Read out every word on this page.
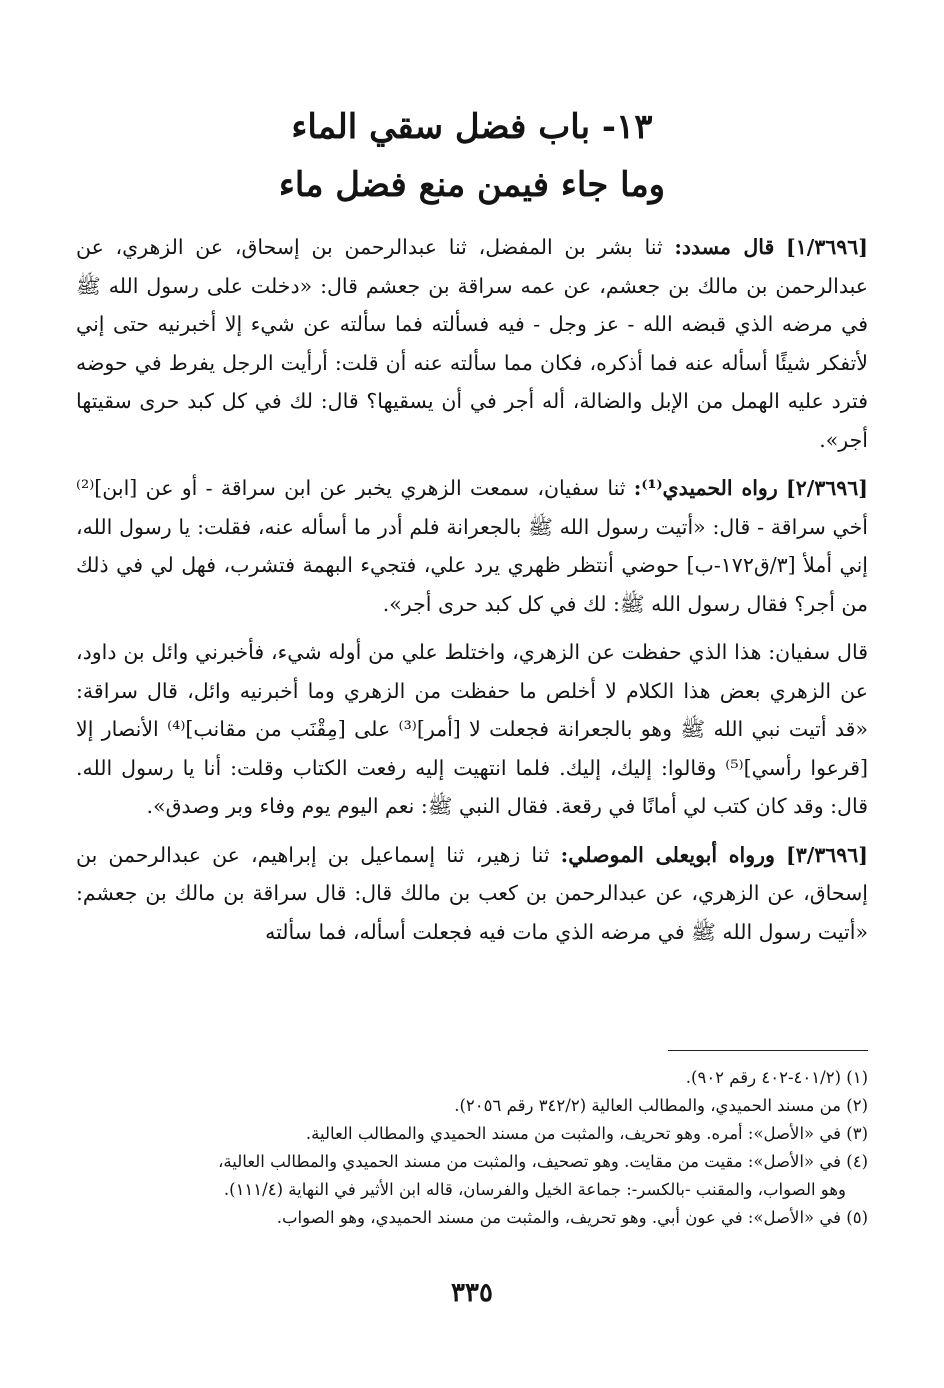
١٣- باب فضل سقي الماء
وما جاء فيمن منع فضل ماء

[١/٣٦٩٦] قال مسدد: ثنا بشر بن المفضل، ثنا عبدالرحمن بن إسحاق، عن الزهري، عن عبدالرحمن بن مالك بن جعشم، عن عمه سراقة بن جعشم قال: «دخلت على رسول الله ﷺ في مرضه الذي قبضه الله - عز وجل - فيه فسألته فما سألته عن شيء إلا أخبرنيه حتى إني لأتفكر شيئًا أسأله عنه فما أذكره، فكان مما سألته عنه أن قلت: أرأيت الرجل يفرط في حوضه فترد عليه الهمل من الإبل والضالة، أله أجر في أن يسقيها؟ قال: لك في كل كبد حرى سقيتها أجر».

[٢/٣٦٩٦] رواه الحميدي⁽¹⁾: ثنا سفيان، سمعت الزهري يخبر عن ابن سراقة - أو عن [ابن]⁽²⁾ أخي سراقة - قال: «أتيت رسول الله ﷺ بالجعرانة فلم أدر ما أسأله عنه، فقلت: يا رسول الله، إني أملأ [٣/ق١٧٢-ب] حوضي أنتظر ظهري يرد علي، فتجيء البهمة فتشرب، فهل لي في ذلك من أجر؟ فقال رسول الله ﷺ: لك في كل كبد حرى أجر».

قال سفيان: هذا الذي حفظت عن الزهري، واختلط علي من أوله شيء، فأخبرني وائل بن داود، عن الزهري بعض هذا الكلام لا أخلص ما حفظت من الزهري وما أخبرنيه وائل، قال سراقة: «قد أتيت نبي الله ﷺ وهو بالجعرانة فجعلت لا [أمر]⁽³⁾ على [مِقْنَب من مقانب]⁽⁴⁾ الأنصار إلا [قرعوا رأسي]⁽⁵⁾ وقالوا: إليك، إليك. فلما انتهيت إليه رفعت الكتاب وقلت: أنا يا رسول الله. قال: وقد كان كتب لي أمانًا في رقعة. فقال النبي ﷺ: نعم اليوم يوم وفاء وبر وصدق».

[٣/٣٦٩٦] ورواه أبويعلى الموصلي: ثنا زهير، ثنا إسماعيل بن إبراهيم، عن عبدالرحمن بن إسحاق، عن الزهري، عن عبدالرحمن بن كعب بن مالك قال: قال سراقة بن مالك بن جعشم: «أتيت رسول الله ﷺ في مرضه الذي مات فيه فجعلت أسأله، فما سألته

(١) (٤٠١/٢-٤٠٢ رقم ٩٠٢).

(٢) من مسند الحميدي، والمطالب العالية (٣٤٢/٢ رقم ٢٠٥٦).

(٣) في «الأصل»: أمره. وهو تحريف، والمثبت من مسند الحميدي والمطالب العالية.

(٤) في «الأصل»: مقيت من مقايت. وهو تصحيف، والمثبت من مسند الحميدي والمطالب العالية،
وهو الصواب، والمقنب -بالكسر-: جماعة الخيل والفرسان، قاله ابن الأثير في النهاية (١١١/٤).

(٥) في «الأصل»: في عون أبي. وهو تحريف، والمثبت من مسند الحميدي، وهو الصواب.

٣٣٥
